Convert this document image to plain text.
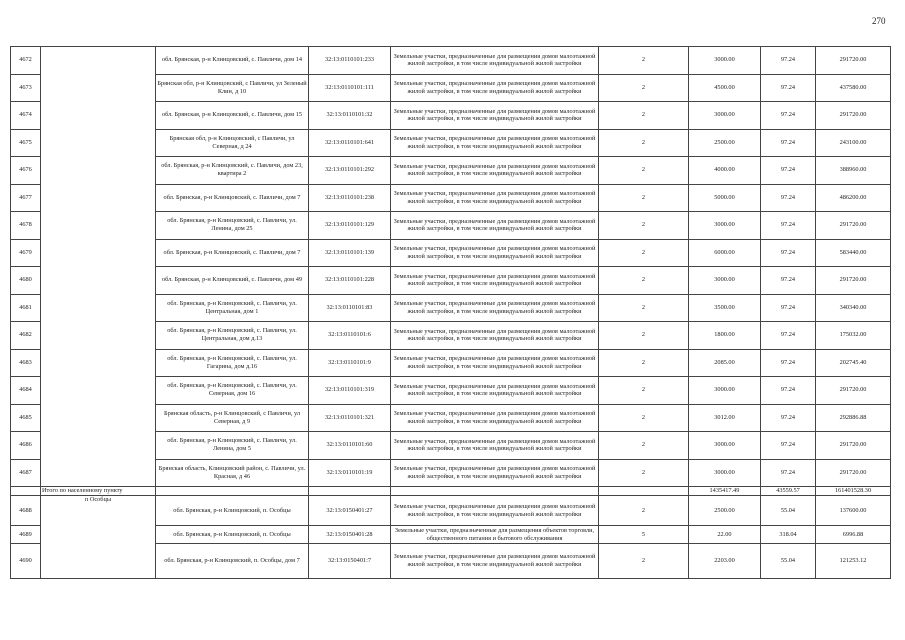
270
4672		обл. Брянская, р-н Клинцовский, с. Павличи, дом 14	32:13:0110101:233	Земельные участки, предназначенные для размещения домов малоэтажной жилой застройки, в том числе индивидуальной жилой застройки	2	3000.00	97.24	291720.00
4673		Брянская обл, р-н Клинцовский, с Павличи, ул Зеленый Клин, д 10	32:13:0110101:111	Земельные участки, предназначенные для размещения домов малоэтажной жилой застройки, в том числе индивидуальной жилой застройки	2	4500.00	97.24	437580.00
4674		обл. Брянская, р-н Клинцовский, с. Павличи, дом 15	32:13:0110101:32	Земельные участки, предназначенные для размещения домов малоэтажной жилой застройки, в том числе индивидуальной жилой застройки	2	3000.00	97.24	291720.00
4675		Брянская обл, р-н Клинцовский, с Павличи, ул Северная, д 24	32:13:0110101:641	Земельные участки, предназначенные для размещения домов малоэтажной жилой застройки, в том числе индивидуальной жилой застройки	2	2500.00	97.24	243100.00
4676		обл. Брянская, р-н Клинцовский, с. Павличи, дом 23, квартира 2	32:13:0110101:292	Земельные участки, предназначенные для размещения домов малоэтажной жилой застройки, в том числе индивидуальной жилой застройки	2	4000.00	97.24	388960.00
4677		обл. Брянская, р-н Клинцовский, с. Павличи, дом 7	32:13:0110101:238	Земельные участки, предназначенные для размещения домов малоэтажной жилой застройки, в том числе индивидуальной жилой застройки	2	5000.00	97.24	486200.00
4678		обл. Брянская, р-н Клинцовский, с. Павличи, ул. Ленина, дом 25	32:13:0110101:129	Земельные участки, предназначенные для размещения домов малоэтажной жилой застройки, в том числе индивидуальной жилой застройки	2	3000.00	97.24	291720.00
4679		обл. Брянская, р-н Клинцовский, с. Павличи, дом 7	32:13:0110101:139	Земельные участки, предназначенные для размещения домов малоэтажной жилой застройки, в том числе индивидуальной жилой застройки	2	6000.00	97.24	583440.00
4680		обл. Брянская, р-н Клинцовский, с. Павличи, дом 49	32:13:0110101:228	Земельные участки, предназначенные для размещения домов малоэтажной жилой застройки, в том числе индивидуальной жилой застройки	2	3000.00	97.24	291720.00
4681		обл. Брянская, р-н Клинцовский, с. Павличи, ул. Центральная, дом 1	32:13:0110101:83	Земельные участки, предназначенные для размещения домов малоэтажной жилой застройки, в том числе индивидуальной жилой застройки	2	3500.00	97.24	340340.00
4682		обл. Брянская, р-н Клинцовский, с. Павличи, ул. Центральная, дом д.13	32:13:0110101:6	Земельные участки, предназначенные для размещения домов малоэтажной жилой застройки, в том числе индивидуальной жилой застройки	2	1800.00	97.24	175032.00
4683		обл. Брянская, р-н Клинцовский, с. Павличи, ул. Гагарина, дом д.16	32:13:0110101:9	Земельные участки, предназначенные для размещения домов малоэтажной жилой застройки, в том числе индивидуальной жилой застройки	2	2085.00	97.24	202745.40
4684		обл. Брянская, р-н Клинцовский, с. Павличи, ул. Северная, дом 16	32:13:0110101:319	Земельные участки, предназначенные для размещения домов малоэтажной жилой застройки, в том числе индивидуальной жилой застройки	2	3000.00	97.24	291720.00
4685		Брянская область, р-н Клинцовский, с Павличи, ул Северная, д 9	32:13:0110101:321	Земельные участки, предназначенные для размещения домов малоэтажной жилой застройки, в том числе индивидуальной жилой застройки	2	3012.00	97.24	292886.88
4686		обл. Брянская, р-н Клинцовский, с. Павличи, ул. Ленина, дом 5	32:13:0110101:60	Земельные участки, предназначенные для размещения домов малоэтажной жилой застройки, в том числе индивидуальной жилой застройки	2	3000.00	97.24	291720.00
4687		Брянская область, Клинцовский район, с. Павличи, ул. Красная, д 46	32:13:0110101:19	Земельные участки, предназначенные для размещения домов малоэтажной жилой застройки, в том числе индивидуальной жилой застройки	2	3000.00	97.24	291720.00
	Итого по населенному пункту					1435417.49	43559.57	161401528.30
4688	п Особцы	обл. Брянская, р-н Клинцовский, п. Особцы	32:13:0150401:27	Земельные участки, предназначенные для размещения домов малоэтажной жилой застройки, в том числе индивидуальной жилой застройки	2	2500.00	55.04	137600.00
4689		обл. Брянская, р-н Клинцовский, п. Особцы	32:13:0150401:28	Земельные участки, предназначенные для размещения объектов торговли, общественного питания и бытового обслуживания	5	22.00	318.04	6996.88
4690		обл. Брянская, р-н Клинцовский, п. Особцы, дом 7	32:13:0150401:7	Земельные участки, предназначенные для размещения домов малоэтажной жилой застройки, в том числе индивидуальной жилой застройки	2	2203.00	55.04	121253.12
